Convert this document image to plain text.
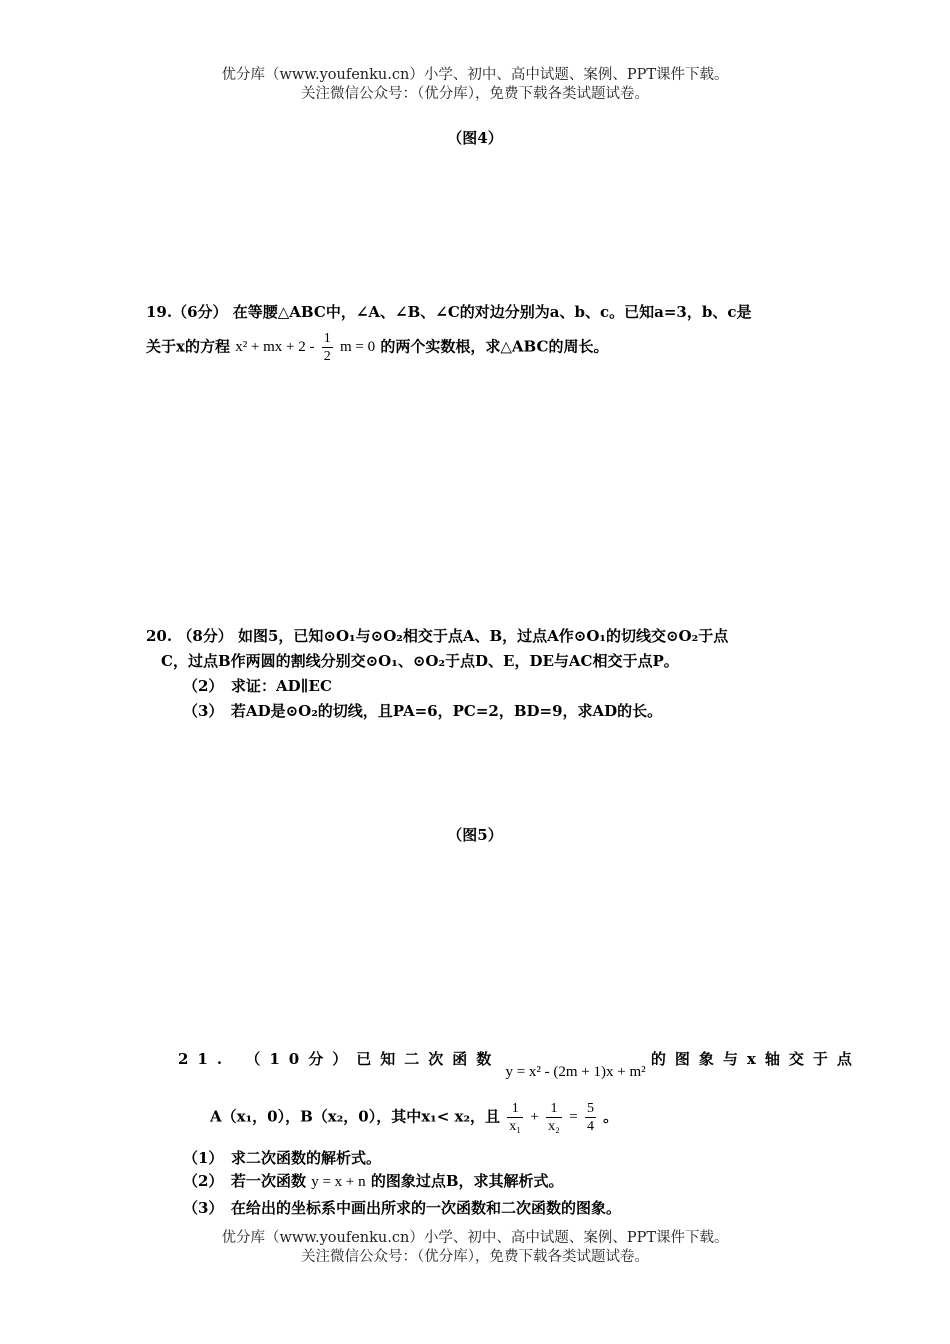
优分库（www.youfenku.cn）小学、初中、高中试题、案例、PPT课件下载。
关注微信公众号：（优分库），免费下载各类试题试卷。
（图4）
19.（6分） 在等腰△ABC中，∠A、∠B、∠C的对边分别为a、b、c。已知a=3，b、c是
关于x的方程 x² + mx + $2 - \frac{1}{2}$ m = 0 的两个实数根，求△ABC的周长。
20. （8分） 如图5，已知⊙O₁与⊙O₂相交于点A、B，过点A作⊙O₁的切线交⊙O₂于点
C，过点B作两圆的割线分别交⊙O₁、⊙O₂于点D、E，DE与AC相交于点P。
（2）　求证：AD∥EC
（3）　若AD是⊙O₂的切线，且PA=6，PC=2，BD=9，求AD的长。
（图5）
21. （10分）已知二次函数 y = x² - (2m + 1)x + m² 的图象与x轴交于点
A（x₁，0），B（x₂，0），其中x₁< x₂，且 $\frac{1}{\text{x₁}} + \frac{1}{\text{x₂}} = \frac{5}{4}$ 。
（1）　求二次函数的解析式。
（2）　若一次函数 y = x + n 的图象过点B，求其解析式。
（3）　在给出的坐标系中画出所求的一次函数和二次函数的图象。
优分库（www.youfenku.cn）小学、初中、高中试题、案例、PPT课件下载。
关注微信公众号：（优分库），免费下载各类试题试卷。
